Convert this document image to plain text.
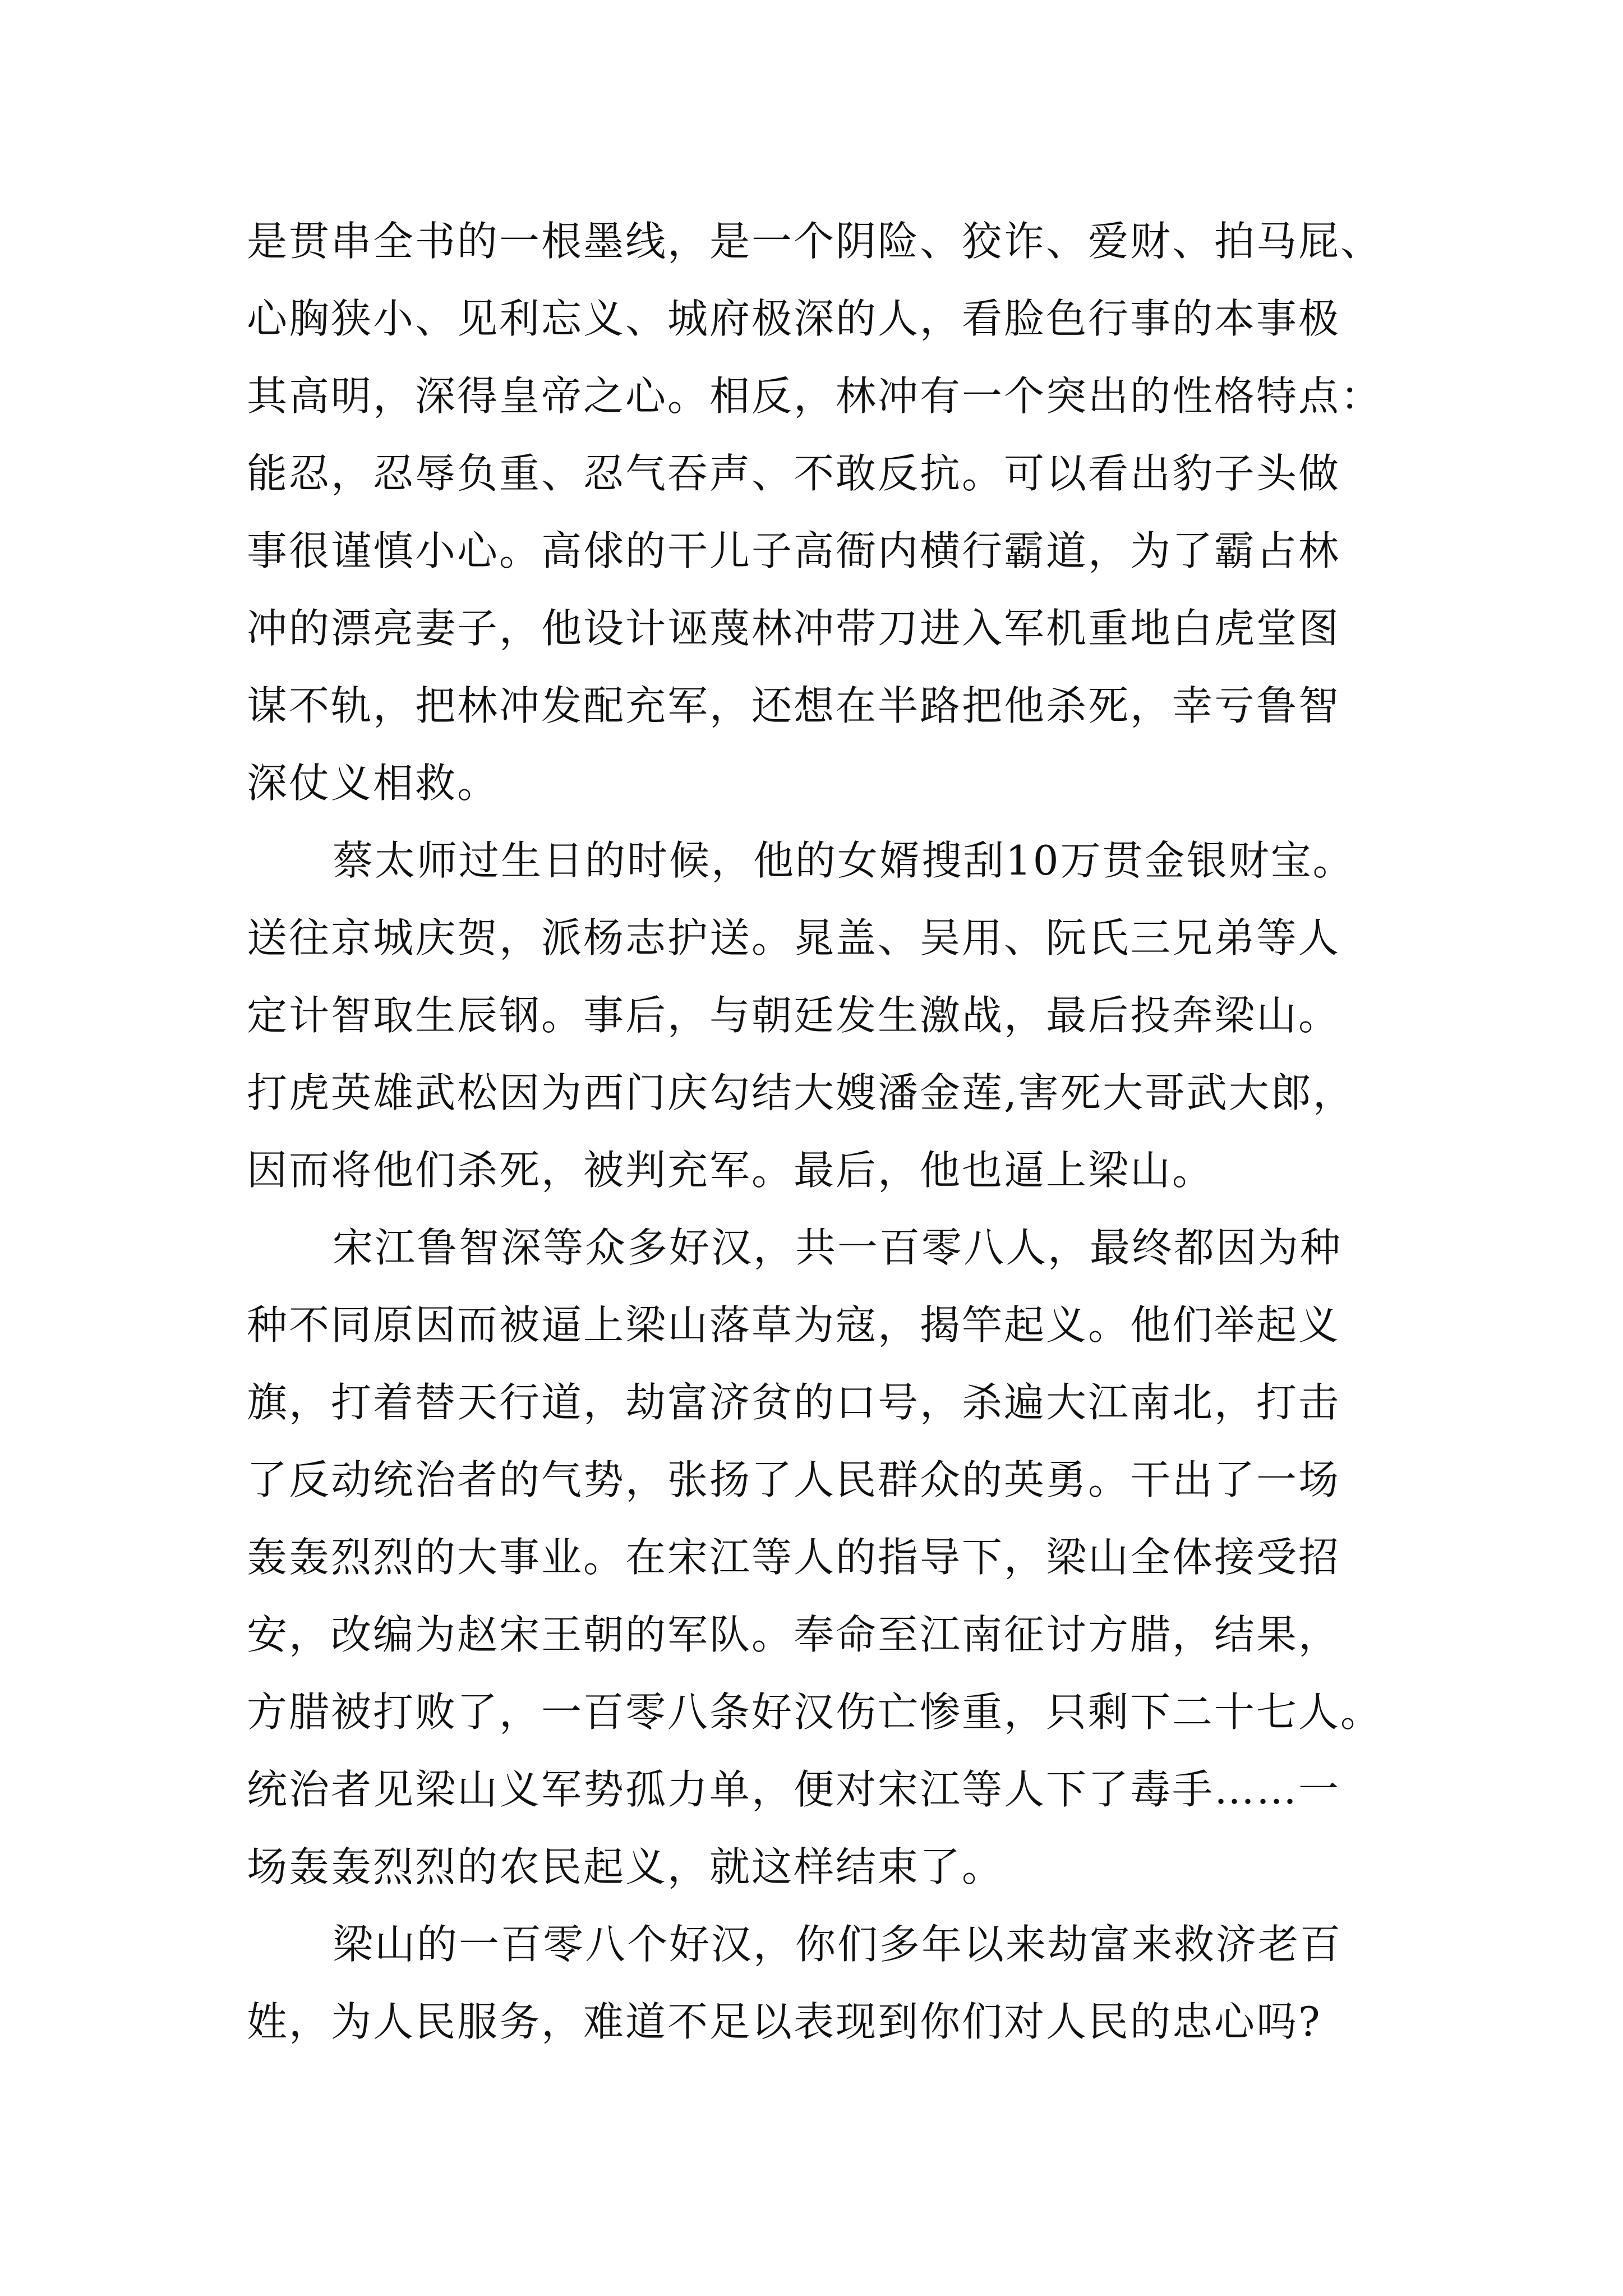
是贯串全书的一根墨线，是一个阴险、狡诈、爱财、拍马屁、
心胸狭小、见利忘义、城府极深的人，看脸色行事的本事极
其高明，深得皇帝之心。相反，林冲有一个突出的性格特点：
能忍，忍辱负重、忍气吞声、不敢反抗。可以看出豹子头做
事很谨慎小心。高俅的干儿子高衙内横行霸道，为了霸占林
冲的漂亮妻子，他设计诬蔑林冲带刀进入军机重地白虎堂图
谋不轨，把林冲发配充军，还想在半路把他杀死，幸亏鲁智
深仗义相救。
蔡太师过生日的时候，他的女婿搜刮10万贯金银财宝。
送往京城庆贺，派杨志护送。晁盖、吴用、阮氏三兄弟等人
定计智取生辰钢。事后，与朝廷发生激战，最后投奔梁山。
打虎英雄武松因为西门庆勾结大嫂潘金莲,害死大哥武大郎，
因而将他们杀死，被判充军。最后，他也逼上梁山。
宋江鲁智深等众多好汉，共一百零八人，最终都因为种
种不同原因而被逼上梁山落草为寇，揭竿起义。他们举起义
旗，打着替天行道，劫富济贫的口号，杀遍大江南北，打击
了反动统治者的气势，张扬了人民群众的英勇。干出了一场
轰轰烈烈的大事业。在宋江等人的指导下，梁山全体接受招
安，改编为赵宋王朝的军队。奉命至江南征讨方腊，结果，
方腊被打败了，一百零八条好汉伤亡惨重，只剩下二十七人。
统治者见梁山义军势孤力单，便对宋江等人下了毒手……一
场轰轰烈烈的农民起义，就这样结束了。
梁山的一百零八个好汉，你们多年以来劫富来救济老百
姓，为人民服务，难道不足以表现到你们对人民的忠心吗?
